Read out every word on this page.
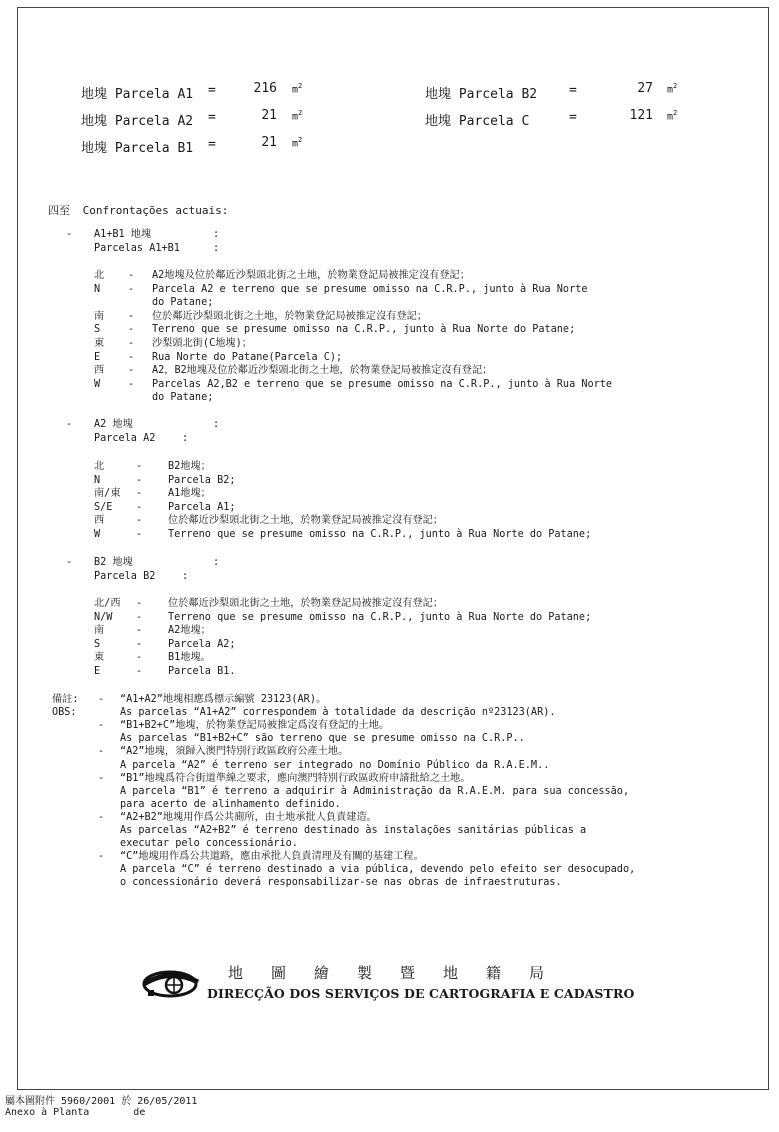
地塊 Parcela A1 =	216 $m^2$
地塊 Parcela A2 =	21 $m^2$
地塊 Parcela B1 =	21 $m^2$
地塊 Parcela B2 =	27 $m^2$
地塊 Parcela C	=	121 $m^2$
四至 Confrontações actuais:
- A1+B1 地塊	:
Parcelas A1+B1	:
北 - A2地塊及位於鄰近沙梨頭北街之土地，於物業登記局被推定沒有登記；
N	- Parcela A2 e terreno que se presume omisso na C.R.P., junto à Rua Norte
do Patane;
南 - 位於鄰近沙梨頭北街之土地，於物業登記局被推定沒有登記；
S	- Terreno que se presume omisso na C.R.P., junto à Rua Norte do Patane;
東 - 沙梨頭北街(C地塊)；
E	- Rua Norte do Patane(Parcela C);
西 - A2，B2地塊及位於鄰近沙梨頭北街之土地，於物業登記局被推定沒有登記；
W	- Parcelas A2,B2 e terreno que se presume omisso na C.R.P., junto à Rua Norte
do Patane;
- A2 地塊	:
Parcela A2	:
北	-	B2地塊；
N	-	Parcela B2;
南/東 -	A1地塊；
S/E -	Parcela A1;
西	-	位於鄰近沙梨頭北街之土地，於物業登記局被推定沒有登記；
W	-	Terreno que se presume omisso na C.R.P., junto à Rua Norte do Patane;
- B2 地塊	:
Parcela B2	:
北/西 -	位於鄰近沙梨頭北街之土地，於物業登記局被推定沒有登記；
N/W -	Terreno que se presume omisso na C.R.P., junto à Rua Norte do Patane;
南	-	A2地塊；
S	-	Parcela A2;
東	-	B1地塊。
E	-	Parcela B1.
備註:
OBS:
- “A1+A2”地塊相應爲標示編號 23123(AR)。
As parcelas “A1+A2” correspondem à totalidade da descrição nº23123(AR).
- “B1+B2+C”地塊，於物業登記局被推定爲沒有登記的土地。
As parcelas “B1+B2+C” são terreno que se presume omisso na C.R.P..
- “A2”地塊，須歸入澳門特別行政區政府公產土地。
A parcela “A2” é terreno ser integrado no Domínio Público da R.A.E.M..
- “B1”地塊爲符合街道準線之要求，應向澳門特別行政區政府申請批給之土地。
A parcela “B1” é terreno a adquirir à Administração da R.A.E.M. para sua concessão,
para acerto de alinhamento definido.
- “A2+B2”地塊用作爲公共廁所，由土地承批人負責建造。
As parcelas “A2+B2” é terreno destinado às instalações sanitárias públicas a
executar pelo concessionário.
- “C”地塊用作爲公共道路，應由承批人負責清理及有關的基建工程。
A parcela “C” é terreno destinado a via pública, devendo pelo efeito ser desocupado,
o concessionário deverá responsabilizar-se nas obras de infraestruturas.
地圖繪製暨地籍局
DIRECÇÃO DOS SERVIÇOS DE CARTOGRAFIA E CADASTRO
屬本圖附件 5960/2001 於 26/05/2011
Anexo à Planta	de
